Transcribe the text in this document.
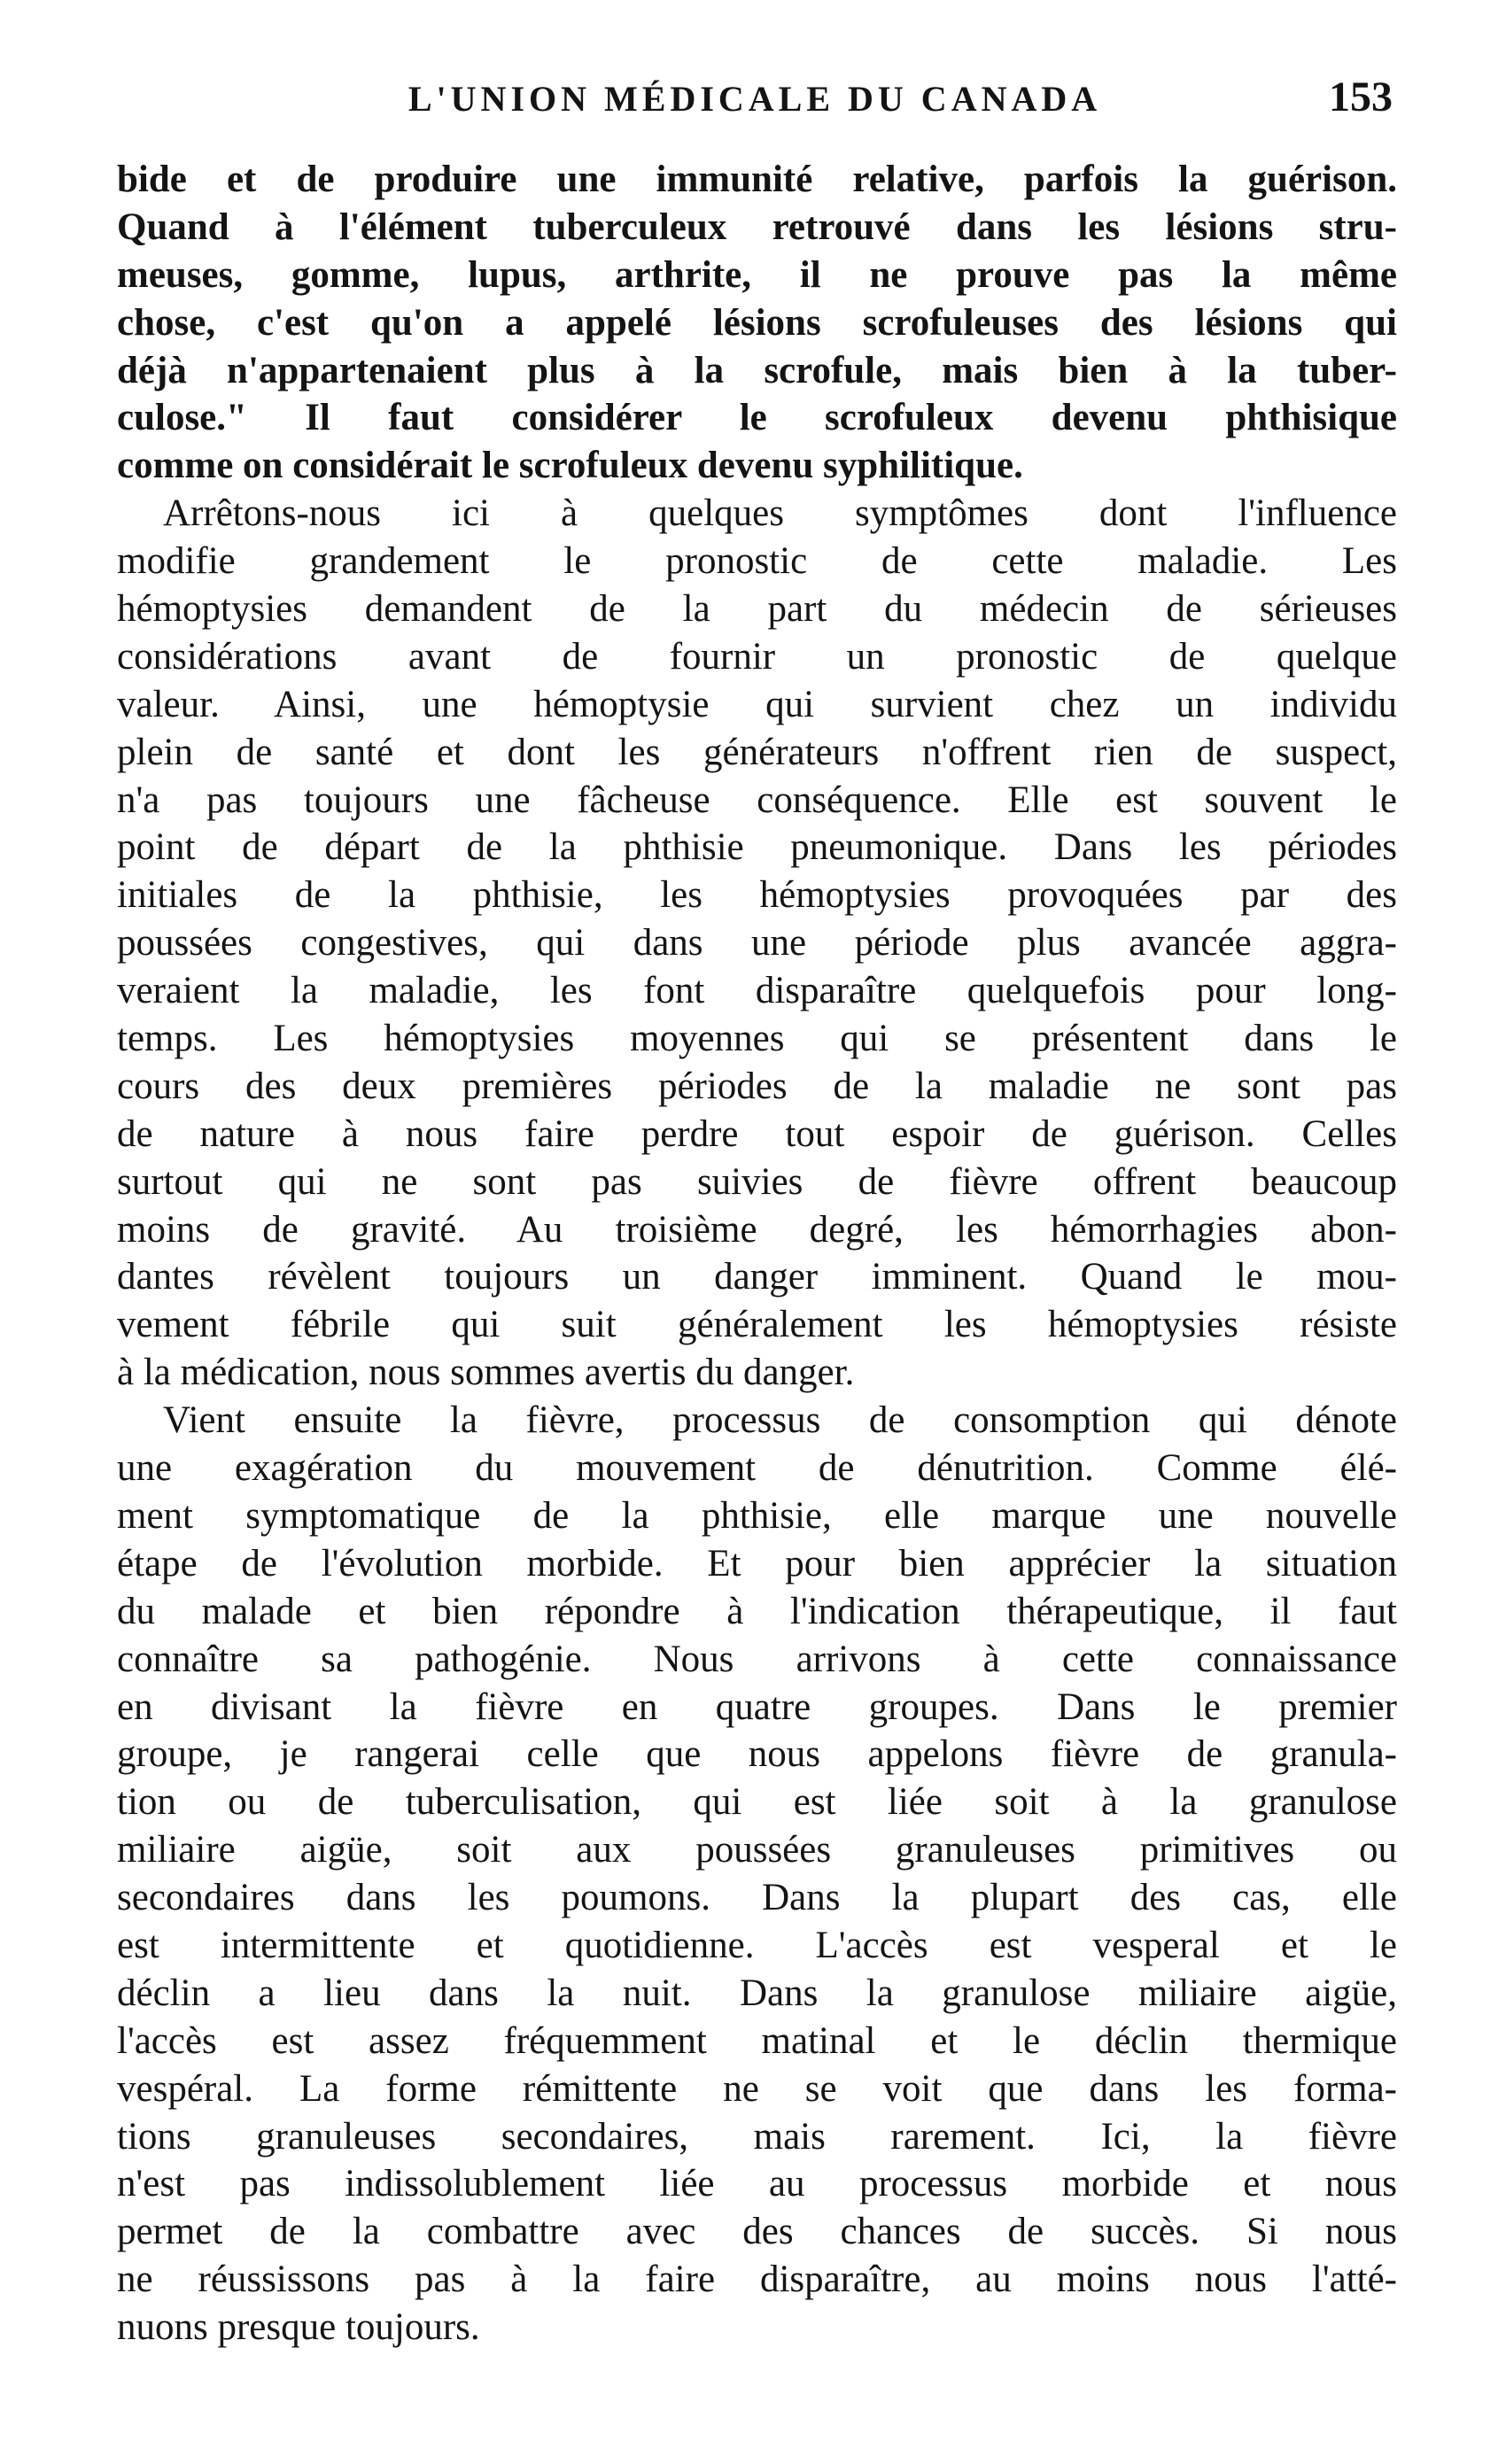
L'UNION MÉDICALE DU CANADA	153
bide et de produire une immunité relative, parfois la guérison.
Quand à l'élément tuberculeux retrouvé dans les lésions stru-
meuses, gomme, lupus, arthrite, il ne prouve pas la même
chose, c'est qu'on a appelé lésions scrofuleuses des lésions qui
déjà n'appartenaient plus à la scrofule, mais bien à la tuber-
culose." Il faut considérer le scrofuleux devenu phthisique
comme on considérait le scrofuleux devenu syphilitique.
Arrêtons-nous ici à quelques symptômes dont l'influence
modifie grandement le pronostic de cette maladie. Les
hémoptysies demandent de la part du médecin de sérieuses
considérations avant de fournir un pronostic de quelque
valeur. Ainsi, une hémoptysie qui survient chez un individu
plein de santé et dont les générateurs n'offrent rien de suspect,
n'a pas toujours une fâcheuse conséquence. Elle est souvent le
point de départ de la phthisie pneumonique. Dans les périodes
initiales de la phthisie, les hémoptysies provoquées par des
poussées congestives, qui dans une période plus avancée aggra-
veraient la maladie, les font disparaître quelquefois pour long-
temps. Les hémoptysies moyennes qui se présentent dans le
cours des deux premières périodes de la maladie ne sont pas
de nature à nous faire perdre tout espoir de guérison. Celles
surtout qui ne sont pas suivies de fièvre offrent beaucoup
moins de gravité. Au troisième degré, les hémorrhagies abon-
dantes révèlent toujours un danger imminent. Quand le mou-
vement fébrile qui suit généralement les hémoptysies résiste
à la médication, nous sommes avertis du danger.
Vient ensuite la fièvre, processus de consomption qui dénote
une exagération du mouvement de dénutrition. Comme élé-
ment symptomatique de la phthisie, elle marque une nouvelle
étape de l'évolution morbide. Et pour bien apprécier la situation
du malade et bien répondre à l'indication thérapeutique, il faut
connaître sa pathogénie. Nous arrivons à cette connaissance
en divisant la fièvre en quatre groupes. Dans le premier
groupe, je rangerai celle que nous appelons fièvre de granula-
tion ou de tuberculisation, qui est liée soit à la granulose
miliaire aigüe, soit aux poussées granuleuses primitives ou
secondaires dans les poumons. Dans la plupart des cas, elle
est intermittente et quotidienne. L'accès est vesperal et le
déclin a lieu dans la nuit. Dans la granulose miliaire aigüe,
l'accès est assez fréquemment matinal et le déclin thermique
vespéral. La forme rémittente ne se voit que dans les forma-
tions granuleuses secondaires, mais rarement. Ici, la fièvre
n'est pas indissolublement liée au processus morbide et nous
permet de la combattre avec des chances de succès. Si nous
ne réussissons pas à la faire disparaître, au moins nous l'atté-
nuons presque toujours.
